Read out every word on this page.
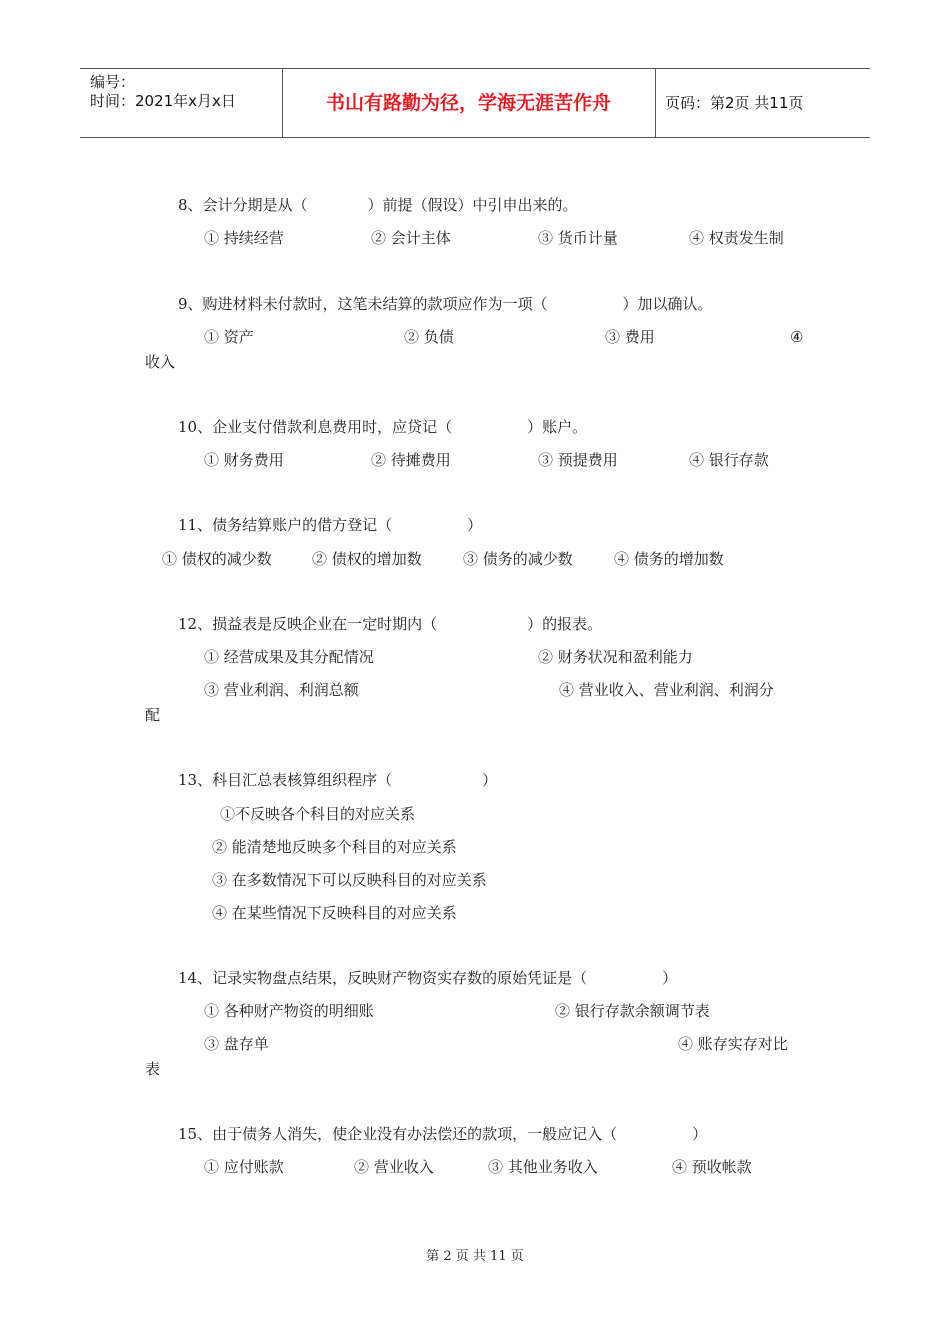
编号：
时间：2021年x月x日	书山有路勤为径，学海无涯苦作舟	页码：第2页 共11页
8、会计分期是从（　　　　）前提（假设）中引申出来的。
① 持续经营	② 会计主体	③ 货币计量	④ 权责发生制
9、购进材料未付款时，这笔未结算的款项应作为一项（　　　　　）加以确认。
① 资产	② 负债	③ 费用	④
收入
10、企业支付借款利息费用时，应贷记（　　　　　）账户。
① 财务费用	② 待摊费用	③ 预提费用	④ 银行存款
11、债务结算账户的借方登记（　　　　　）
① 债权的减少数	② 债权的增加数	③ 债务的减少数	④ 债务的增加数
12、损益表是反映企业在一定时期内（　　　　　　）的报表。
① 经营成果及其分配情况	② 财务状况和盈利能力
③ 营业利润、利润总额	④ 营业收入、营业利润、利润分
配
13、科目汇总表核算组织程序（　　　　　　）
①不反映各个科目的对应关系
② 能清楚地反映多个科目的对应关系
③ 在多数情况下可以反映科目的对应关系
④ 在某些情况下反映科目的对应关系
14、记录实物盘点结果，反映财产物资实存数的原始凭证是（　　　　　）
① 各种财产物资的明细账	② 银行存款余额调节表
③ 盘存单	④ 账存实存对比
表
15、由于债务人消失，使企业没有办法偿还的款项，一般应记入（　　　　　）
① 应付账款	② 营业收入	③ 其他业务收入	④ 预收帐款
第 2 页 共 11 页
